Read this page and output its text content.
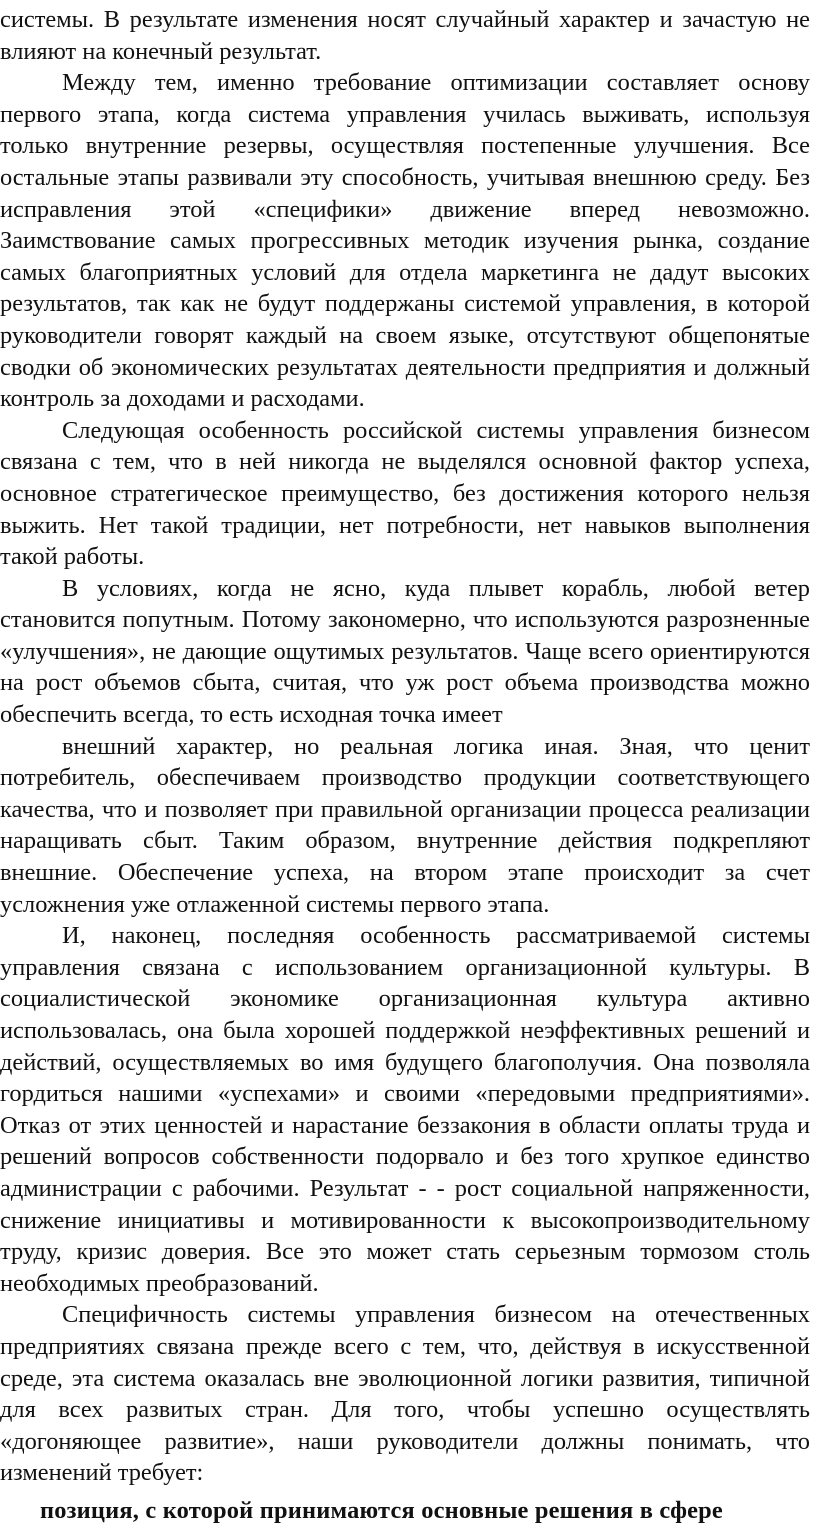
системы. В результате изменения носят случайный характер и зачастую не влияют на конечный результат.

Между тем, именно требование оптимизации составляет основу первого этапа, когда система управления училась выживать, используя только внутренние резервы, осуществляя постепенные улучшения. Все остальные этапы развивали эту способность, учитывая внешнюю среду. Без исправления этой «специфики» движение вперед невозможно. Заимствование самых прогрессивных методик изучения рынка, создание самых благоприятных условий для отдела маркетинга не дадут высоких результатов, так как не будут поддержаны системой управления, в которой руководители говорят каждый на своем языке, отсутствуют общепонятые сводки об экономических результатах деятельности предприятия и должный контроль за доходами и расходами.

Следующая особенность российской системы управления бизнесом связана с тем, что в ней никогда не выделялся основной фактор успеха, основное стратегическое преимущество, без достижения которого нельзя выжить. Нет такой традиции, нет потребности, нет навыков выполнения такой работы.

В условиях, когда не ясно, куда плывет корабль, любой ветер становится попутным. Потому закономерно, что используются разрозненные «улучшения», не дающие ощутимых результатов. Чаще всего ориентируются на рост объемов сбыта, считая, что уж рост объема производства можно обеспечить всегда, то есть исходная точка имеет

внешний характер, но реальная логика иная. Зная, что ценит потребитель, обеспечиваем производство продукции соответствующего качества, что и позволяет при правильной организации процесса реализации наращивать сбыт. Таким образом, внутренние действия подкрепляют внешние. Обеспечение успеха, на втором этапе происходит за счет усложнения уже отлаженной системы первого этапа.

И, наконец, последняя особенность рассматриваемой системы управления связана с использованием организационной культуры. В социалистической экономике организационная культура активно использовалась, она была хорошей поддержкой неэффективных решений и действий, осуществляемых во имя будущего благополучия. Она позволяла гордиться нашими «успехами» и своими «передовыми предприятиями». Отказ от этих ценностей и нарастание беззакония в области оплаты труда и решений вопросов собственности подорвало и без того хрупкое единство администрации с рабочими. Результат - - рост социальной напряженности, снижение инициативы и мотивированности к высокопроизводительному труду, кризис доверия. Все это может стать серьезным тормозом столь необходимых преобразований.

Специфичность системы управления бизнесом на отечественных предприятиях связана прежде всего с тем, что, действуя в искусственной среде, эта система оказалась вне эволюционной логики развития, типичной для всех развитых стран. Для того, чтобы успешно осуществлять «догоняющее развитие», наши руководители должны понимать, что изменений требует:

позиция, с которой принимаются основные решения в сфере
